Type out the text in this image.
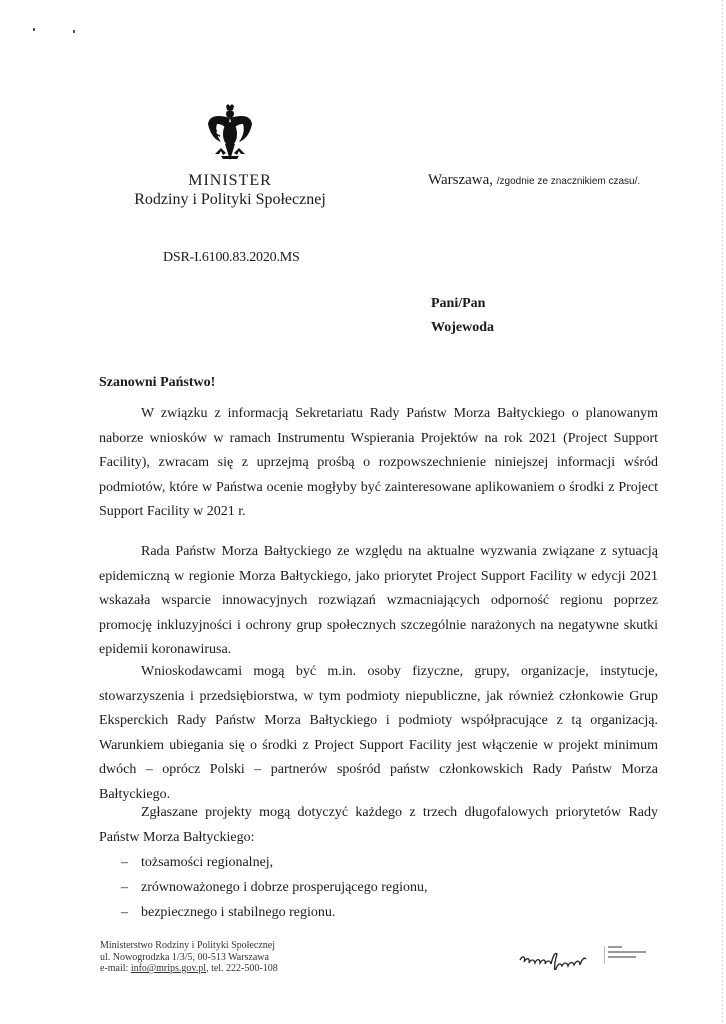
MINISTER
Rodziny i Polityki Społecznej
Warszawa, /zgodnie ze znacznikiem czasu/.
DSR-I.6100.83.2020.MS
Pani/Pan
Wojewoda
Szanowni Państwo!

W związku z informacją Sekretariatu Rady Państw Morza Bałtyckiego o planowanym naborze wniosków w ramach Instrumentu Wspierania Projektów na rok 2021 (Project Support Facility), zwracam się z uprzejmą prośbą o rozpowszechnienie niniejszej informacji wśród podmiotów, które w Państwa ocenie mogłyby być zainteresowane aplikowaniem o środki z Project Support Facility w 2021 r.

Rada Państw Morza Bałtyckiego ze względu na aktualne wyzwania związane z sytuacją epidemiczną w regionie Morza Bałtyckiego, jako priorytet Project Support Facility w edycji 2021 wskazała wsparcie innowacyjnych rozwiązań wzmacniających odporność regionu poprzez promocję inkluzyjności i ochrony grup społecznych szczególnie narażonych na negatywne skutki epidemii koronawirusa.

Wnioskodawcami mogą być m.in. osoby fizyczne, grupy, organizacje, instytucje, stowarzyszenia i przedsiębiorstwa, w tym podmioty niepubliczne, jak również członkowie Grup Eksperckich Rady Państw Morza Bałtyckiego i podmioty współpracujące z tą organizacją. Warunkiem ubiegania się o środki z Project Support Facility jest włączenie w projekt minimum dwóch – oprócz Polski – partnerów spośród państw członkowskich Rady Państw Morza Bałtyckiego.

Zgłaszane projekty mogą dotyczyć każdego z trzech długofalowych priorytetów Rady Państw Morza Bałtyckiego:

– tożsamości regionalnej,
– zrównoważonego i dobrze prosperującego regionu,
– bezpiecznego i stabilnego regionu.
Ministerstwo Rodziny i Polityki Społecznej
ul. Nowogrodzka 1/3/5, 00-513 Warszawa
e-mail: info@mrips.gov.pl, tel. 222-500-108
